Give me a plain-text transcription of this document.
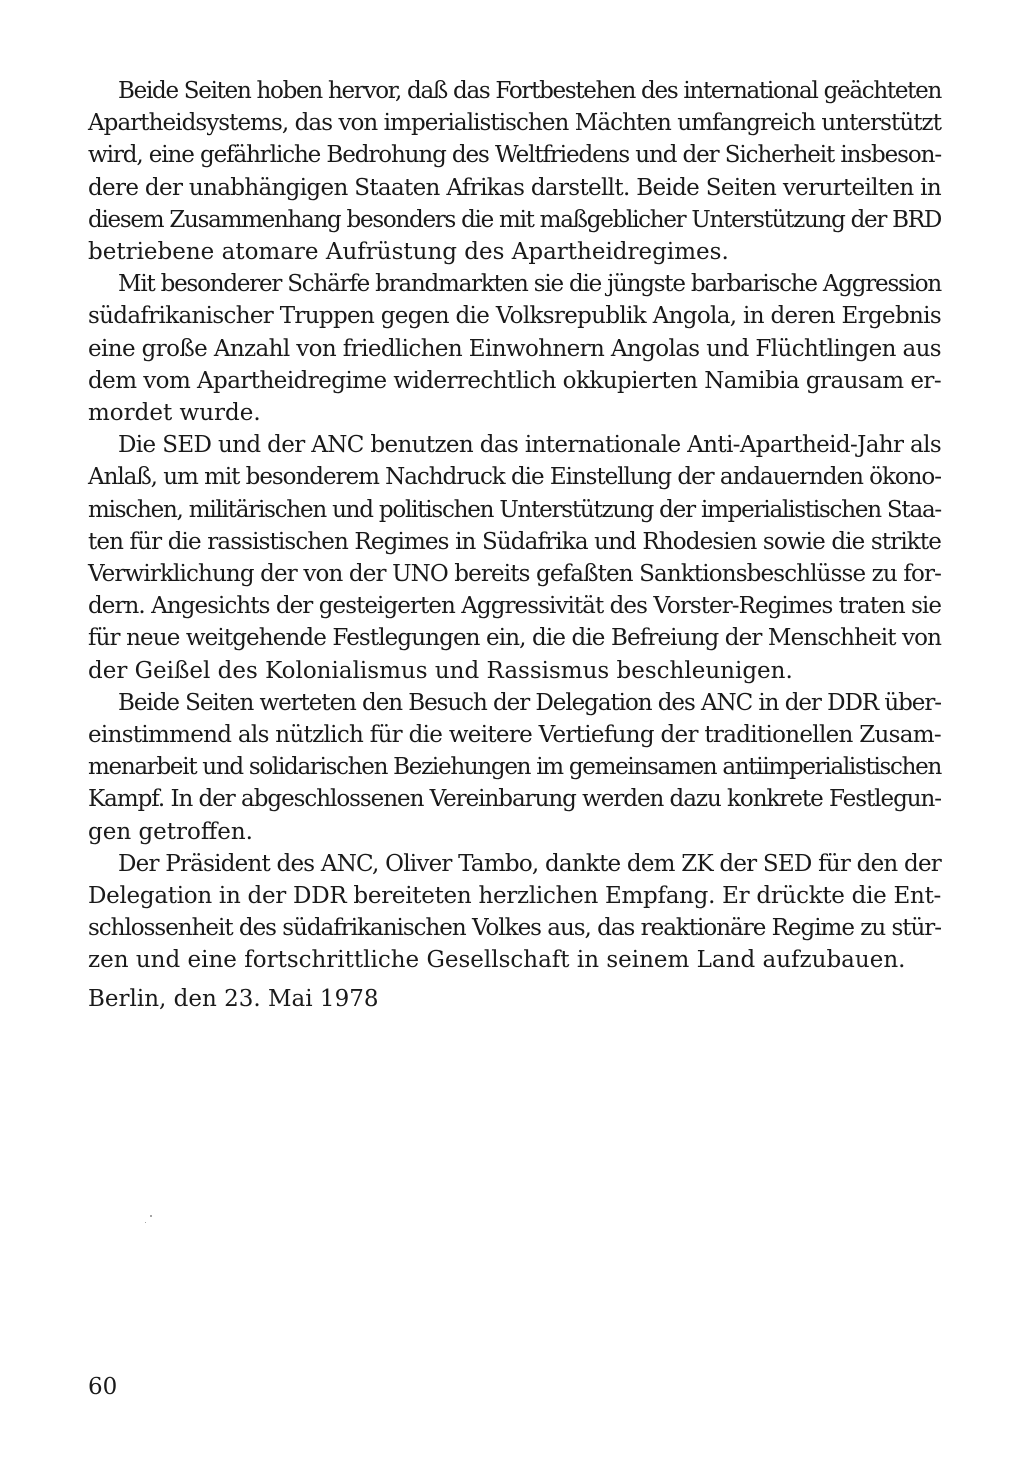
Beide Seiten hoben hervor, daß das Fortbestehen des international geächteten
Apartheidsystems, das von imperialistischen Mächten umfangreich unterstützt
wird, eine gefährliche Bedrohung des Weltfriedens und der Sicherheit insbeson-
dere der unabhängigen Staaten Afrikas darstellt. Beide Seiten verurteilten in
diesem Zusammenhang besonders die mit maßgeblicher Unterstützung der BRD
betriebene atomare Aufrüstung des Apartheidregimes.
Mit besonderer Schärfe brandmarkten sie die jüngste barbarische Aggression
südafrikanischer Truppen gegen die Volksrepublik Angola, in deren Ergebnis
eine große Anzahl von friedlichen Einwohnern Angolas und Flüchtlingen aus
dem vom Apartheidregime widerrechtlich okkupierten Namibia grausam er-
mordet wurde.
Die SED und der ANC benutzen das internationale Anti-Apartheid-Jahr als
Anlaß, um mit besonderem Nachdruck die Einstellung der andauernden ökono-
mischen, militärischen und politischen Unterstützung der imperialistischen Staa-
ten für die rassistischen Regimes in Südafrika und Rhodesien sowie die strikte
Verwirklichung der von der UNO bereits gefaßten Sanktionsbeschlüsse zu for-
dern. Angesichts der gesteigerten Aggressivität des Vorster-Regimes traten sie
für neue weitgehende Festlegungen ein, die die Befreiung der Menschheit von
der Geißel des Kolonialismus und Rassismus beschleunigen.
Beide Seiten werteten den Besuch der Delegation des ANC in der DDR über-
einstimmend als nützlich für die weitere Vertiefung der traditionellen Zusam-
menarbeit und solidarischen Beziehungen im gemeinsamen antiimperialistischen
Kampf. In der abgeschlossenen Vereinbarung werden dazu konkrete Festlegun-
gen getroffen.
Der Präsident des ANC, Oliver Tambo, dankte dem ZK der SED für den der
Delegation in der DDR bereiteten herzlichen Empfang. Er drückte die Ent-
schlossenheit des südafrikanischen Volkes aus, das reaktionäre Regime zu stür-
zen und eine fortschrittliche Gesellschaft in seinem Land aufzubauen.
Berlin, den 23. Mai 1978
60
